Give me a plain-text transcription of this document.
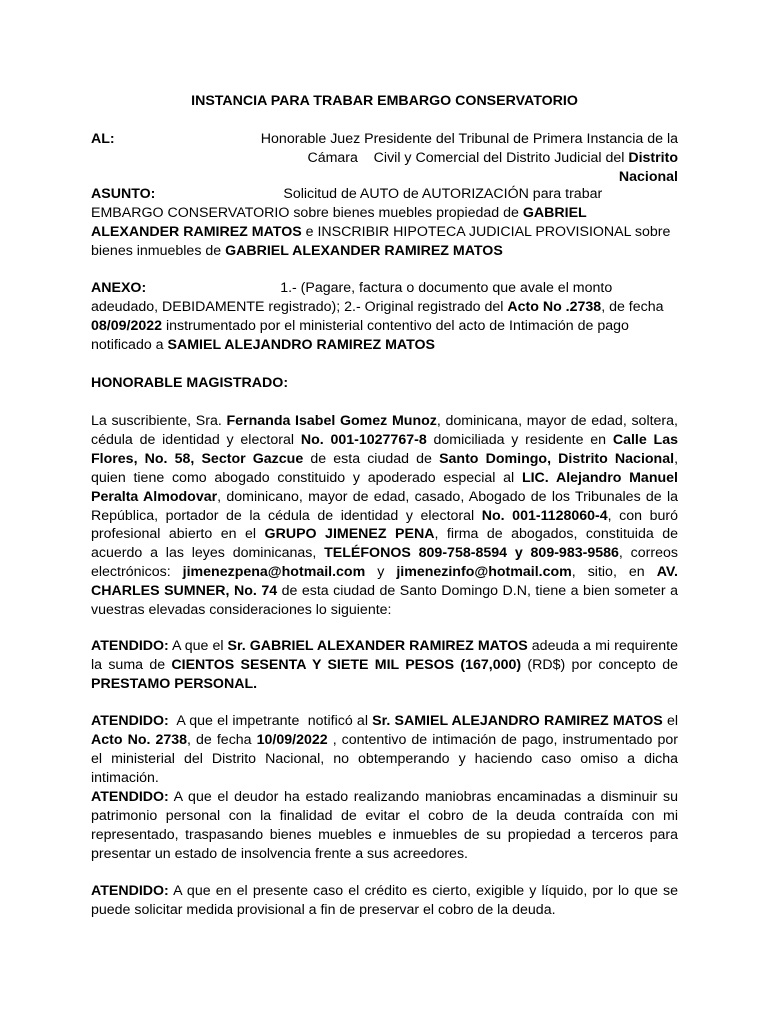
INSTANCIA PARA TRABAR EMBARGO CONSERVATORIO
AL:	Honorable Juez Presidente del Tribunal de Primera Instancia de la
Cámara    Civil y Comercial del Distrito Judicial del Distrito Nacional

ASUNTO:	Solicitud de AUTO de AUTORIZACIÓN para trabar EMBARGO CONSERVATORIO sobre bienes muebles propiedad de GABRIEL ALEXANDER RAMIREZ MATOS e INSCRIBIR HIPOTECA JUDICIAL PROVISIONAL sobre bienes inmuebles de GABRIEL ALEXANDER RAMIREZ MATOS

ANEXO:	1.- (Pagare, factura o documento que avale el monto adeudado, DEBIDAMENTE registrado); 2.- Original registrado del Acto No .2738, de fecha 08/09/2022 instrumentado por el ministerial contentivo del acto de Intimación de pago notificado a SAMIEL ALEJANDRO RAMIREZ MATOS

HONORABLE MAGISTRADO:

La suscribiente, Sra. Fernanda Isabel Gomez Munoz, dominicana, mayor de edad, soltera, cédula de identidad y electoral No. 001-1027767-8 domiciliada y residente en Calle Las Flores, No. 58, Sector Gazcue de esta ciudad de Santo Domingo, Distrito Nacional, quien tiene como abogado constituido y apoderado especial al LIC. Alejandro Manuel Peralta Almodovar, dominicano, mayor de edad, casado, Abogado de los Tribunales de la República, portador de la cédula de identidad y electoral No. 001-1128060-4, con buró profesional abierto en el GRUPO JIMENEZ PENA, firma de abogados, constituida de acuerdo a las leyes dominicanas, TELÉFONOS 809-758-8594 y 809-983-9586, correos electrónicos: jimenezpena@hotmail.com y jimenezinfo@hotmail.com, sitio, en AV. CHARLES SUMNER, No. 74 de esta ciudad de Santo Domingo D.N, tiene a bien someter a vuestras elevadas consideraciones lo siguiente:

ATENDIDO: A que el Sr. GABRIEL ALEXANDER RAMIREZ MATOS adeuda a mi requirente la suma de CIENTOS SESENTA Y SIETE MIL PESOS (167,000) (RD$) por concepto de PRESTAMO PERSONAL.

ATENDIDO:  A que el impetrante  notificó al Sr. SAMIEL ALEJANDRO RAMIREZ MATOS el Acto No. 2738, de fecha 10/09/2022 , contentivo de intimación de pago, instrumentado por el ministerial del Distrito Nacional, no obtemperando y haciendo caso omiso a dicha intimación.

ATENDIDO: A que el deudor ha estado realizando maniobras encaminadas a disminuir su patrimonio personal con la finalidad de evitar el cobro de la deuda contraída con mi representado, traspasando bienes muebles e inmuebles de su propiedad a terceros para presentar un estado de insolvencia frente a sus acreedores.

ATENDIDO: A que en el presente caso el crédito es cierto, exigible y líquido, por lo que se puede solicitar medida provisional a fin de preservar el cobro de la deuda.
